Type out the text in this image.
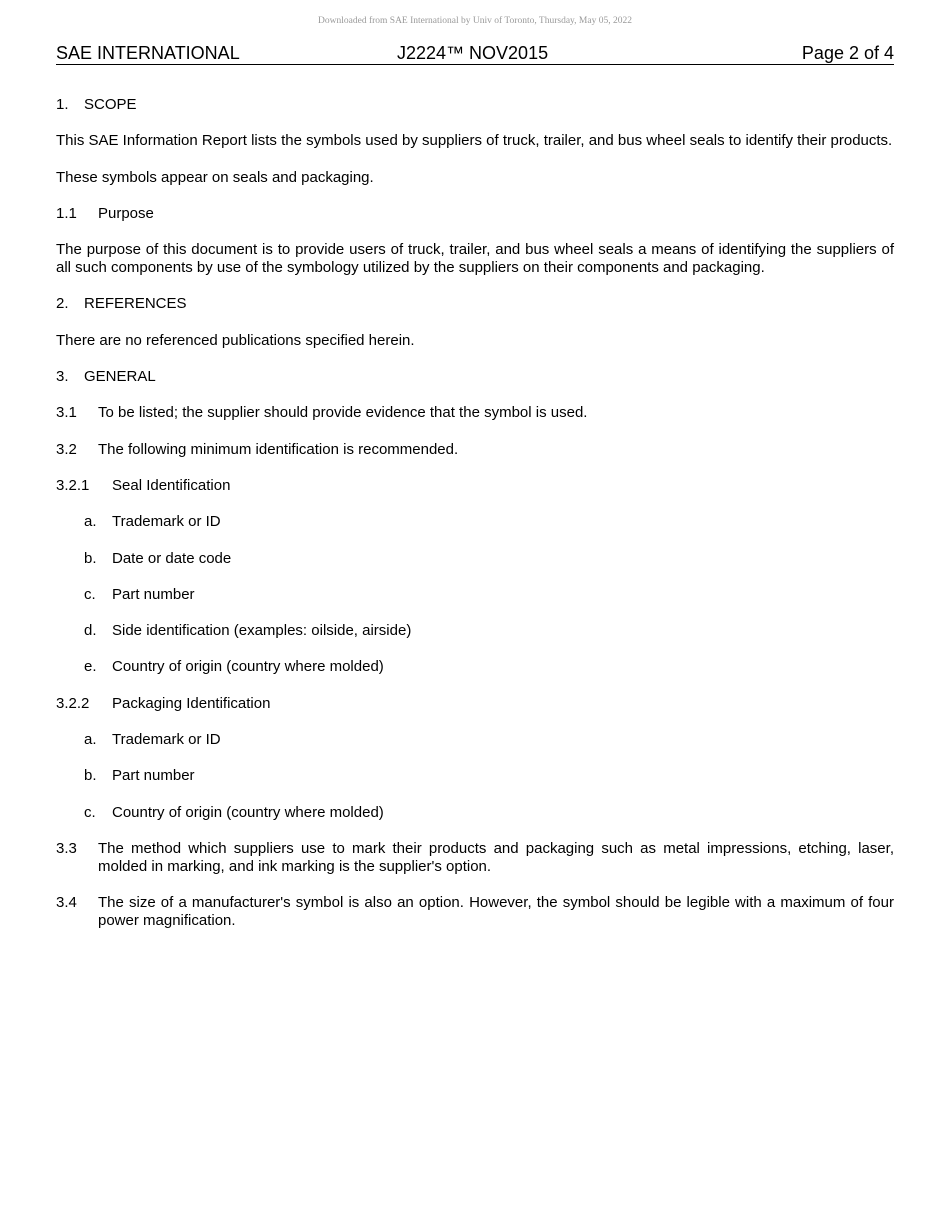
Downloaded from SAE International by Univ of Toronto, Thursday, May 05, 2022
SAE INTERNATIONAL	J2224™ NOV2015	Page 2 of 4
1. SCOPE

This SAE Information Report lists the symbols used by suppliers of truck, trailer, and bus wheel seals to identify their products.

These symbols appear on seals and packaging.

1.1 Purpose

The purpose of this document is to provide users of truck, trailer, and bus wheel seals a means of identifying the suppliers of all such components by use of the symbology utilized by the suppliers on their components and packaging.

2. REFERENCES

There are no referenced publications specified herein.

3. GENERAL
3.1 To be listed; the supplier should provide evidence that the symbol is used.
3.2 The following minimum identification is recommended.
3.2.1 Seal Identification
a. Trademark or ID
b. Date or date code
c. Part number
d. Side identification (examples: oilside, airside)
e. Country of origin (country where molded)
3.2.2 Packaging Identification
a. Trademark or ID
b. Part number
c. Country of origin (country where molded)
3.3 The method which suppliers use to mark their products and packaging such as metal impressions, etching, laser, molded in marking, and ink marking is the supplier's option.
3.4 The size of a manufacturer's symbol is also an option. However, the symbol should be legible with a maximum of four power magnification.
